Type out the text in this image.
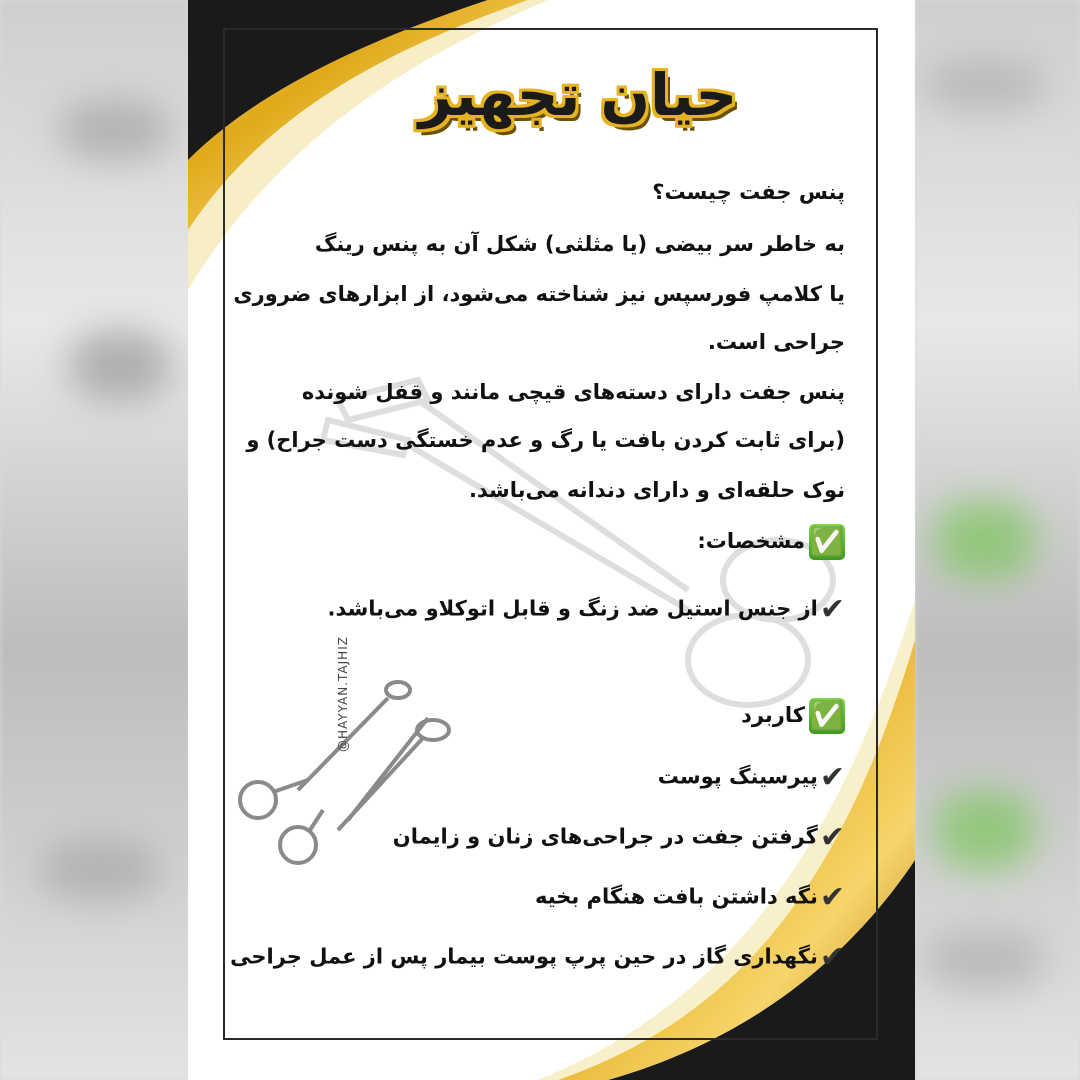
حیان تجهیز
@HAYYAN.TAJHIZ
پنس جفت چیست؟
به خاطر سر بیضی (یا مثلثی) شکل آن به پنس رینگ
یا کلامپ فورسپس نیز شناخته می‌شود، از ابزارهای ضروری
جراحی است.
پنس جفت دارای دسته‌های قیچی مانند و قفل شونده
(برای ثابت کردن بافت یا رگ و عدم خستگی دست جراح) و
نوک حلقه‌ای و دارای دندانه می‌باشد.
✅مشخصات:
✔از جنس استیل ضد زنگ و قابل اتوکلاو می‌باشد.
✅کاربرد
✔پیرسینگ پوست
✔گرفتن جفت در جراحی‌های زنان و زایمان
✔نگه داشتن بافت هنگام بخیه
✔نگهداری گاز در حین پرپ پوست بیمار پس از عمل جراحی
